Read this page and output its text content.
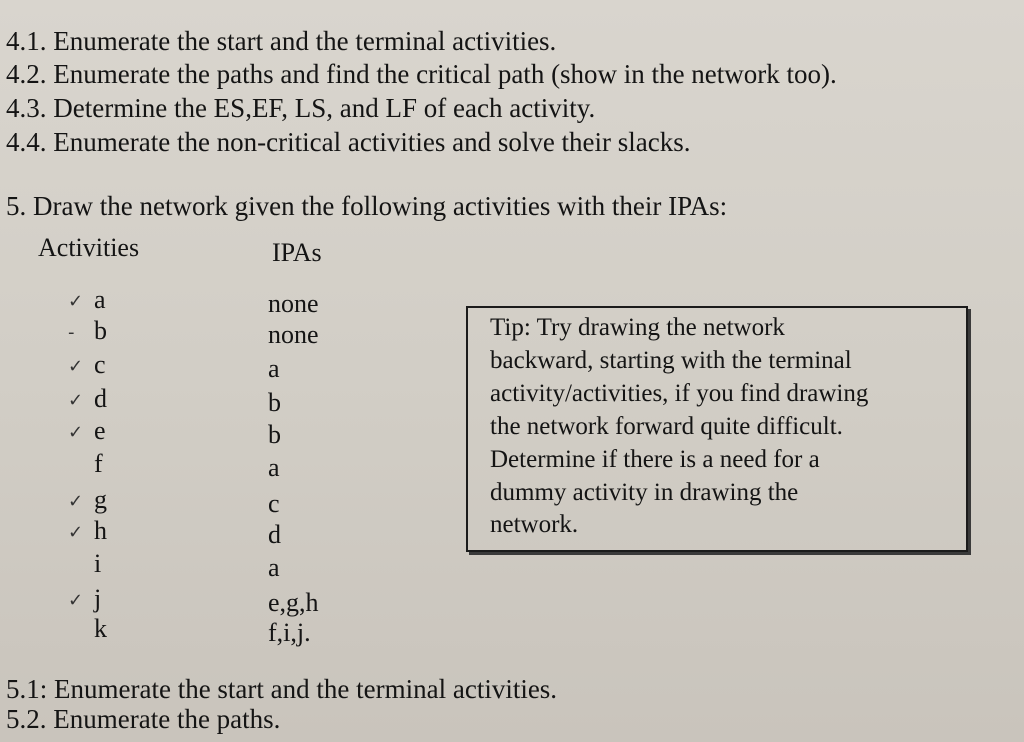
4.1. Enumerate the start and the terminal activities.
4.2. Enumerate the paths and find the critical path (show in the network too).
4.3. Determine the ES,EF, LS, and LF of each activity.
4.4. Enumerate the non-critical activities and solve their slacks.
5. Draw the network given the following activities with their IPAs:
Activities	IPAs
✓ a	none
- b	none
✓ c	a
✓ d	b
✓ e	b
f	a
✓ g	c
✓ h	d
i	a
✓ j	e,g,h
k	f,i,j.
Tip: Try drawing the network
backward, starting with the terminal
activity/activities, if you find drawing
the network forward quite difficult.
Determine if there is a need for a
dummy activity in drawing the
network.
5.1: Enumerate the start and the terminal activities.
5.2. Enumerate the paths.
